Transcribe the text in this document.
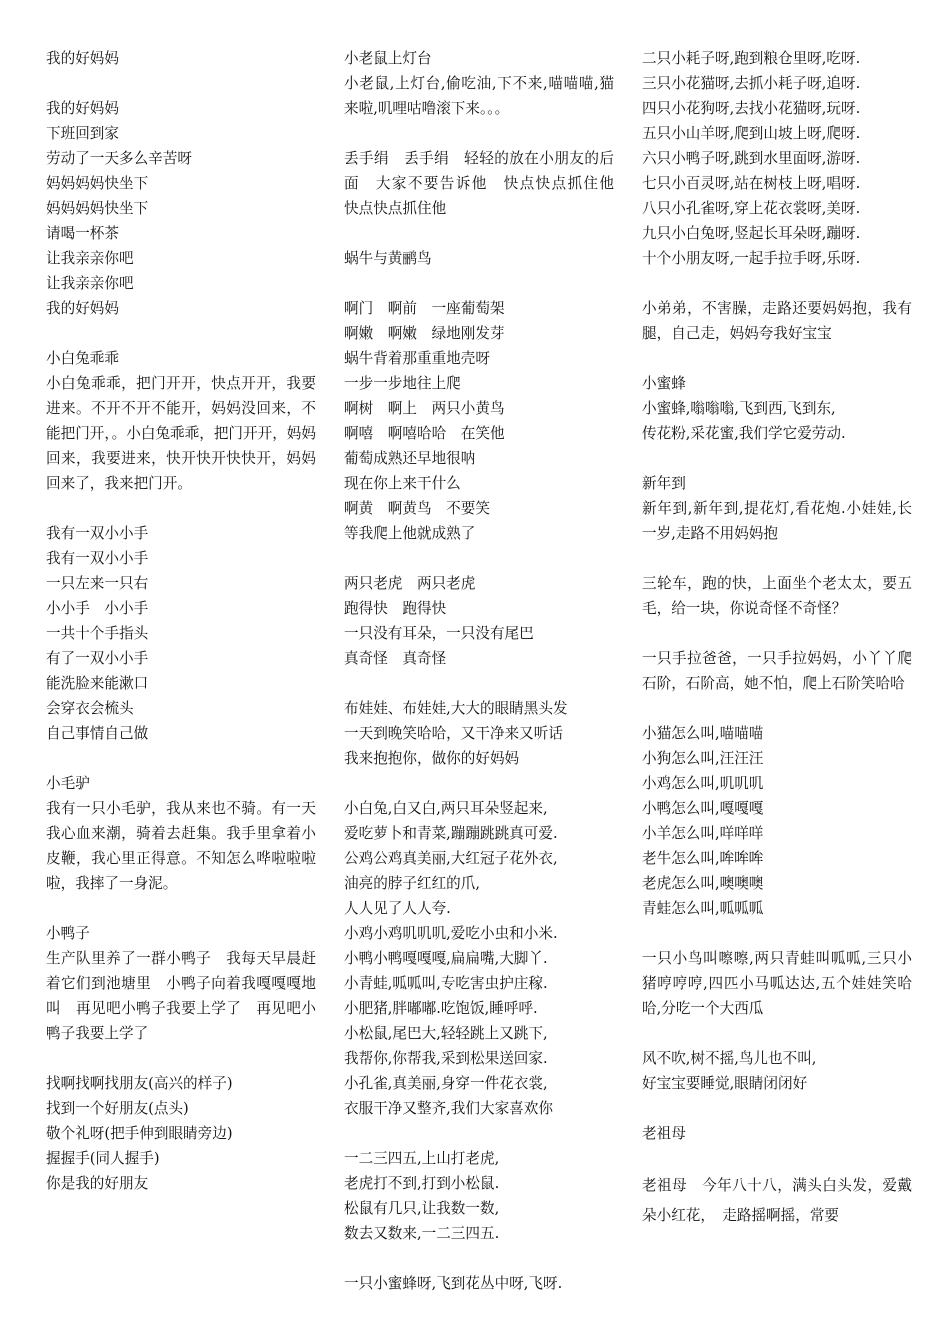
我的好妈妈
我的好妈妈
下班回到家
劳动了一天多么辛苦呀
妈妈妈妈快坐下
妈妈妈妈快坐下
请喝一杯茶
让我亲亲你吧
让我亲亲你吧
我的好妈妈
小白兔乖乖
小白兔乖乖，把门开开，快点开开，我要进来。不开不开不能开，妈妈没回来，不能把门开，。小白兔乖乖，把门开开，妈妈回来，我要进来，快开快开快快开，妈妈回来了，我来把门开。
我有一双小小手
我有一双小小手
一只左来一只右
小小手　小小手
一共十个手指头
有了一双小小手
能洗脸来能漱口
会穿衣会梳头
自己事情自己做
小毛驴
我有一只小毛驴，我从来也不骑。有一天我心血来潮，骑着去赶集。我手里拿着小皮鞭，我心里正得意。不知怎么哗啦啦啦啦，我摔了一身泥。
小鸭子
生产队里养了一群小鸭子　我每天早晨赶着它们到池塘里　小鸭子向着我嘎嘎嘎地叫　再见吧小鸭子我要上学了　再见吧小鸭子我要上学了
找啊找啊找朋友(高兴的样子)
找到一个好朋友(点头)
敬个礼呀(把手伸到眼睛旁边)
握握手(同人握手)
你是我的好朋友
小老鼠上灯台
小老鼠,上灯台,偷吃油,下不来,喵喵喵,猫来啦,叽哩咕噜滚下来。。。
丢手绢　丢手绢　轻轻的放在小朋友的后面　大家不要告诉他　快点快点抓住他　快点快点抓住他
蜗牛与黄鹂鸟
啊门　啊前　一座葡萄架
啊嫩　啊嫩　绿地刚发芽
蜗牛背着那重重地壳呀
一步一步地往上爬
啊树　啊上　两只小黄鸟
啊嘻　啊嘻哈哈　在笑他
葡萄成熟还早地很呐
现在你上来干什么
啊黄　啊黄鸟　不要笑
等我爬上他就成熟了
两只老虎　两只老虎
跑得快　跑得快
一只没有耳朵，一只没有尾巴
真奇怪　真奇怪
布娃娃、布娃娃,大大的眼睛黑头发
一天到晚笑哈哈，又干净来又听话
我来抱抱你，做你的好妈妈
小白兔,白又白,两只耳朵竖起来,
爱吃萝卜和青菜,蹦蹦跳跳真可爱.
公鸡公鸡真美丽,大红冠子花外衣,
油亮的脖子红红的爪,
人人见了人人夸.
小鸡小鸡叽叽叽,爱吃小虫和小米.
小鸭小鸭嘎嘎嘎,扁扁嘴,大脚丫.
小青蛙,呱呱叫,专吃害虫护庄稼.
小肥猪,胖嘟嘟.吃饱饭,睡呼呼.
小松鼠,尾巴大,轻轻跳上又跳下,
我帮你,你帮我,采到松果送回家.
小孔雀,真美丽,身穿一件花衣裳,
衣服干净又整齐,我们大家喜欢你
一二三四五,上山打老虎,
老虎打不到,打到小松鼠.
松鼠有几只,让我数一数,
数去又数来,一二三四五.
一只小蜜蜂呀,飞到花丛中呀,飞呀.
二只小耗子呀,跑到粮仓里呀,吃呀.
三只小花猫呀,去抓小耗子呀,追呀.
四只小花狗呀,去找小花猫呀,玩呀.
五只小山羊呀,爬到山坡上呀,爬呀.
六只小鸭子呀,跳到水里面呀,游呀.
七只小百灵呀,站在树枝上呀,唱呀.
八只小孔雀呀,穿上花衣裳呀,美呀.
九只小白兔呀,竖起长耳朵呀,蹦呀.
十个小朋友呀,一起手拉手呀,乐呀.
小弟弟，不害臊，走路还要妈妈抱，我有腿，自己走，妈妈夸我好宝宝
小蜜蜂
小蜜蜂,嗡嗡嗡,飞到西,飞到东,
传花粉,采花蜜,我们学它爱劳动.
新年到
新年到,新年到,提花灯,看花炮.小娃娃,长一岁,走路不用妈妈抱
三轮车，跑的快，上面坐个老太太，要五毛，给一块，你说奇怪不奇怪？
一只手拉爸爸，一只手拉妈妈，小丫丫爬石阶，石阶高，她不怕，爬上石阶笑哈哈
小猫怎么叫,喵喵喵
小狗怎么叫,汪汪汪
小鸡怎么叫,叽叽叽
小鸭怎么叫,嘎嘎嘎
小羊怎么叫,咩咩咩
老牛怎么叫,哞哞哞
老虎怎么叫,噢噢噢
青蛙怎么叫,呱呱呱
一只小鸟叫嚓嚓,两只青蛙叫呱呱,三只小猪哼哼哼,四匹小马呱达达,五个娃娃笑哈哈,分吃一个大西瓜
风不吹,树不摇,鸟儿也不叫,
好宝宝要睡觉,眼睛闭闭好
老祖母
老祖母　今年八十八，满头白头发，爱戴朵小红花，　走路摇啊摇，常要
